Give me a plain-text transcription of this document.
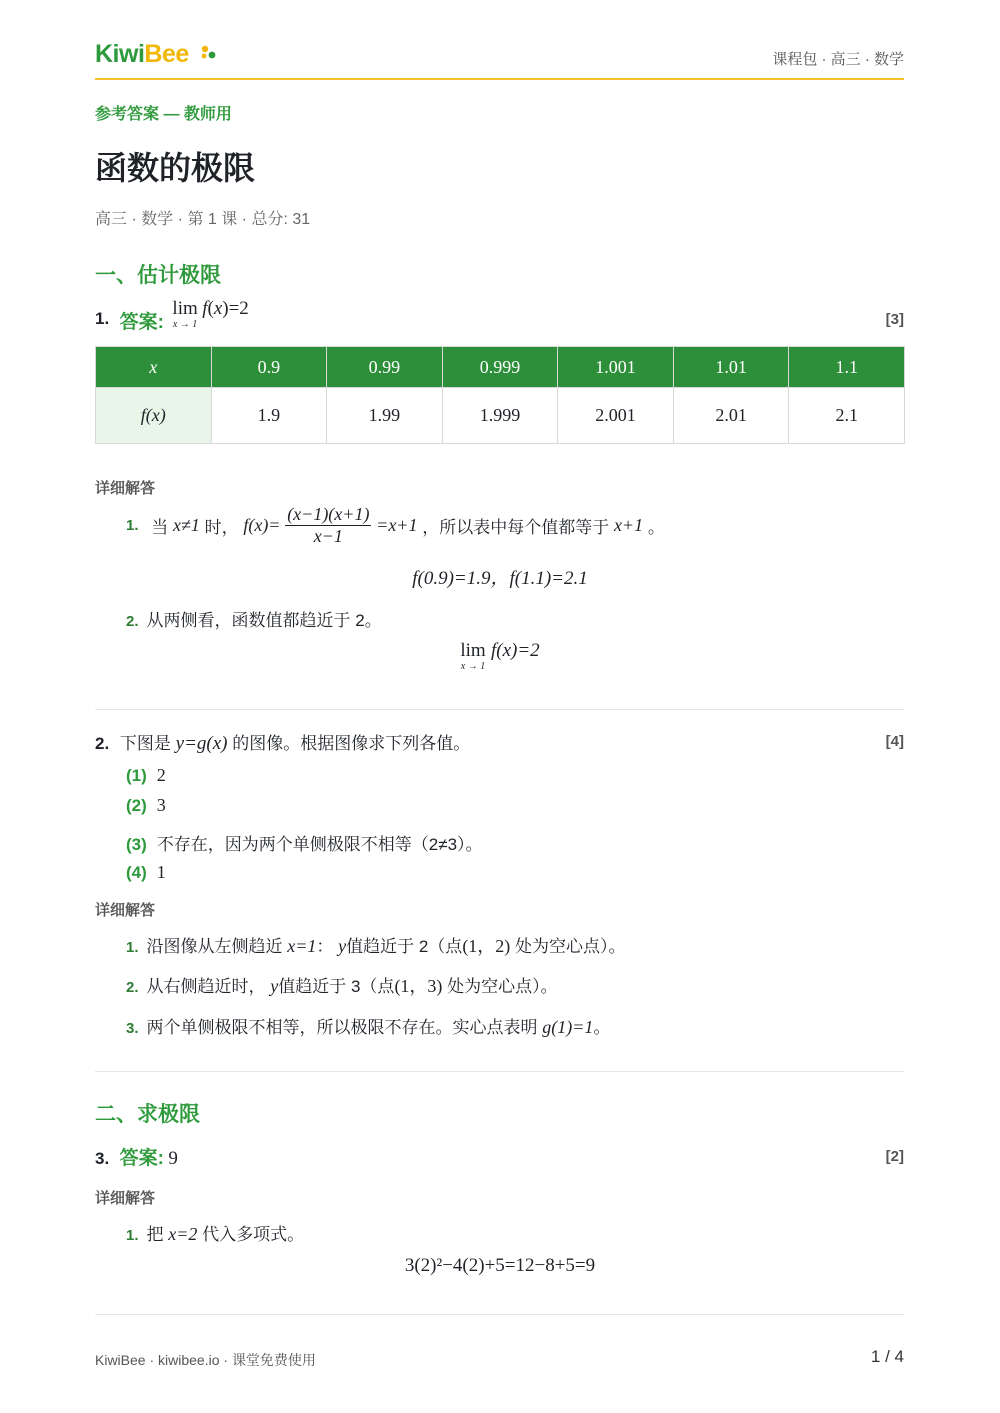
KiwiBee	课程包 · 高三 · 数学
参考答案 — 教师用
函数的极限
高三 · 数学 · 第 1 课 · 总分: 31
一、估计极限
1. 答案: lim
x → 1
f(x)=2
[3]
x	0.9	0.99	0.999	1.001	1.01	1.1
f(x)	1.9	1.99	1.999	2.001	2.01	2.1
详细解答
1. 当 x≠1 时， $f(x)= \frac{(x-1)(x+1)}{x-1} =x+1$ ，所以表中每个值都等于 x+1 。
f(0.9)=1.9，f(1.1)=2.1
2. 从两侧看，函数值都趋近于 2。
lim
x → 1
f(x)=2
2. 下图是 y=g(x) 的图像。根据图像求下列各值。	[4]
(1) 2
(2) 3
(3) 不存在，因为两个单侧极限不相等（2≠3）。
(4) 1
详细解答
1. 沿图像从左侧趋近 x=1： y值趋近于 2（点(1，2) 处为空心点）。
2. 从右侧趋近时， y值趋近于 3（点(1，3) 处为空心点）。
3. 两个单侧极限不相等，所以极限不存在。实心点表明 g(1)=1。
二、求极限
3. 答案: 9	[2]
详细解答
1. 把 x=2 代入多项式。
3(2)²−4(2)+5=12−8+5=9
KiwiBee · kiwibee.io · 课堂免费使用	1 / 4
